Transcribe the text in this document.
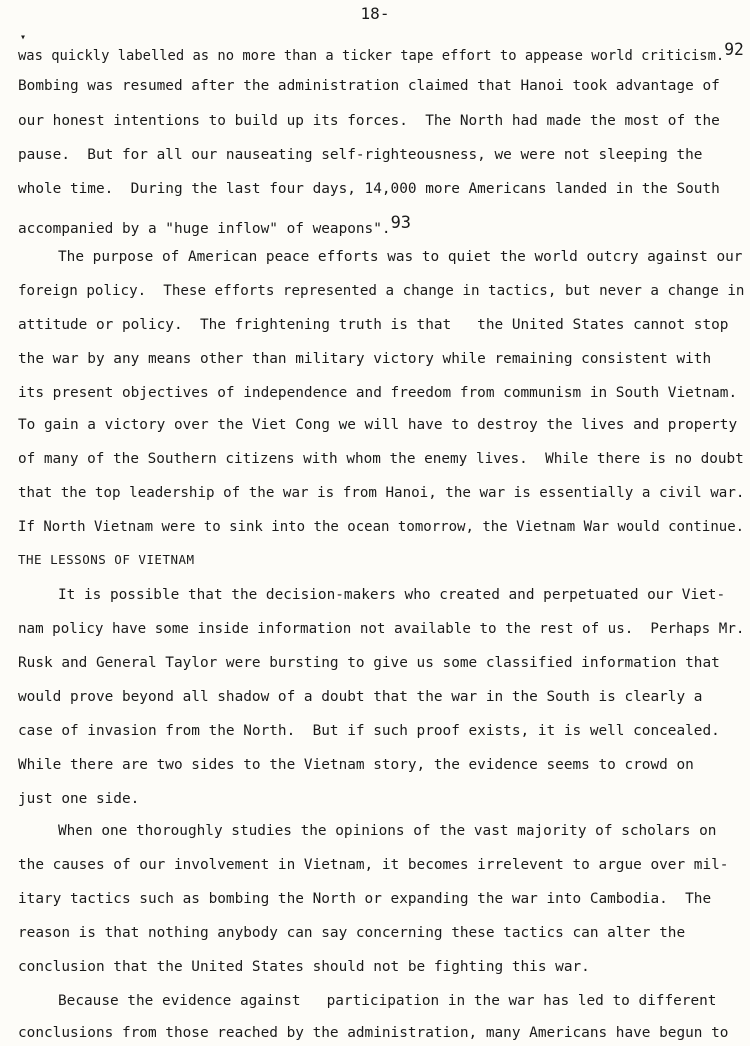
18-
▾
was quickly labelled as no more than a ticker tape effort to appease world criticism.92
Bombing was resumed after the administration claimed that Hanoi took advantage of
our honest intentions to build up its forces.  The North had made the most of the
pause.  But for all our nauseating self-righteousness, we were not sleeping the
whole time.  During the last four days, 14,000 more Americans landed in the South
accompanied by a "huge inflow" of weapons".93
The purpose of American peace efforts was to quiet the world outcry against our
foreign policy.  These efforts represented a change in tactics, but never a change in
attitude or policy.  The frightening truth is that   the United States cannot stop
the war by any means other than military victory while remaining consistent with
its present objectives of independence and freedom from communism in South Vietnam.
To gain a victory over the Viet Cong we will have to destroy the lives and property
of many of the Southern citizens with whom the enemy lives.  While there is no doubt
that the top leadership of the war is from Hanoi, the war is essentially a civil war.
If North Vietnam were to sink into the ocean tomorrow, the Vietnam War would continue.
THE LESSONS OF VIETNAM
It is possible that the decision-makers who created and perpetuated our Viet-
nam policy have some inside information not available to the rest of us.  Perhaps Mr.
Rusk and General Taylor were bursting to give us some classified information that
would prove beyond all shadow of a doubt that the war in the South is clearly a
case of invasion from the North.  But if such proof exists, it is well concealed.
While there are two sides to the Vietnam story, the evidence seems to crowd on
just one side.
When one thoroughly studies the opinions of the vast majority of scholars on
the causes of our involvement in Vietnam, it becomes irrelevent to argue over mil-
itary tactics such as bombing the North or expanding the war into Cambodia.  The
reason is that nothing anybody can say concerning these tactics can alter the
conclusion that the United States should not be fighting this war.
Because the evidence against   participation in the war has led to different
conclusions from those reached by the administration, many Americans have begun to
